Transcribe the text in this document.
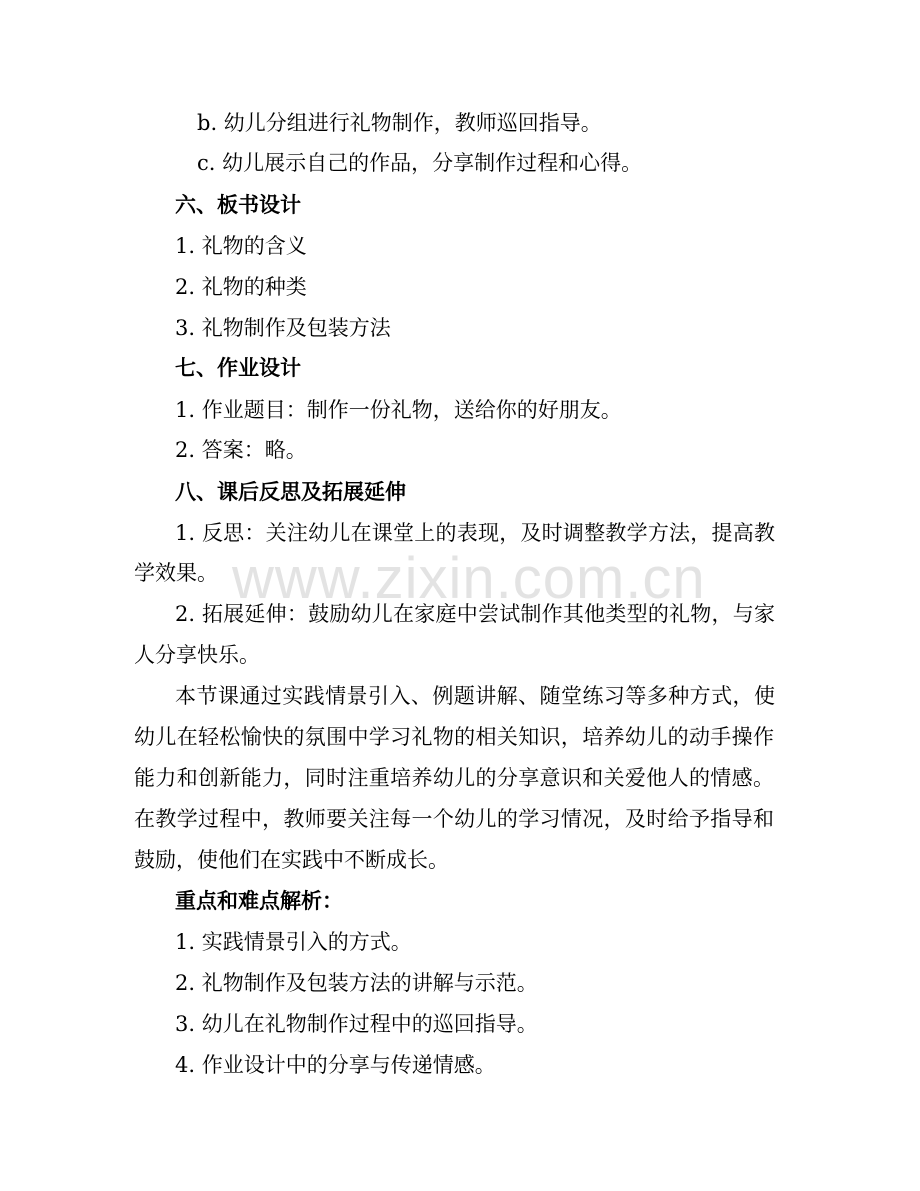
www.zixin.com.cn
b. 幼儿分组进行礼物制作，教师巡回指导。
c. 幼儿展示自己的作品，分享制作过程和心得。
六、板书设计
1. 礼物的含义
2. 礼物的种类
3. 礼物制作及包装方法
七、作业设计
1. 作业题目：制作一份礼物，送给你的好朋友。
2. 答案：略。
八、课后反思及拓展延伸
1. 反思：关注幼儿在课堂上的表现，及时调整教学方法，提高教
学效果。
2. 拓展延伸：鼓励幼儿在家庭中尝试制作其他类型的礼物，与家
人分享快乐。
本节课通过实践情景引入、例题讲解、随堂练习等多种方式，使
幼儿在轻松愉快的氛围中学习礼物的相关知识，培养幼儿的动手操作
能力和创新能力，同时注重培养幼儿的分享意识和关爱他人的情感。
在教学过程中，教师要关注每一个幼儿的学习情况，及时给予指导和
鼓励，使他们在实践中不断成长。
重点和难点解析：
1. 实践情景引入的方式。
2. 礼物制作及包装方法的讲解与示范。
3. 幼儿在礼物制作过程中的巡回指导。
4. 作业设计中的分享与传递情感。
